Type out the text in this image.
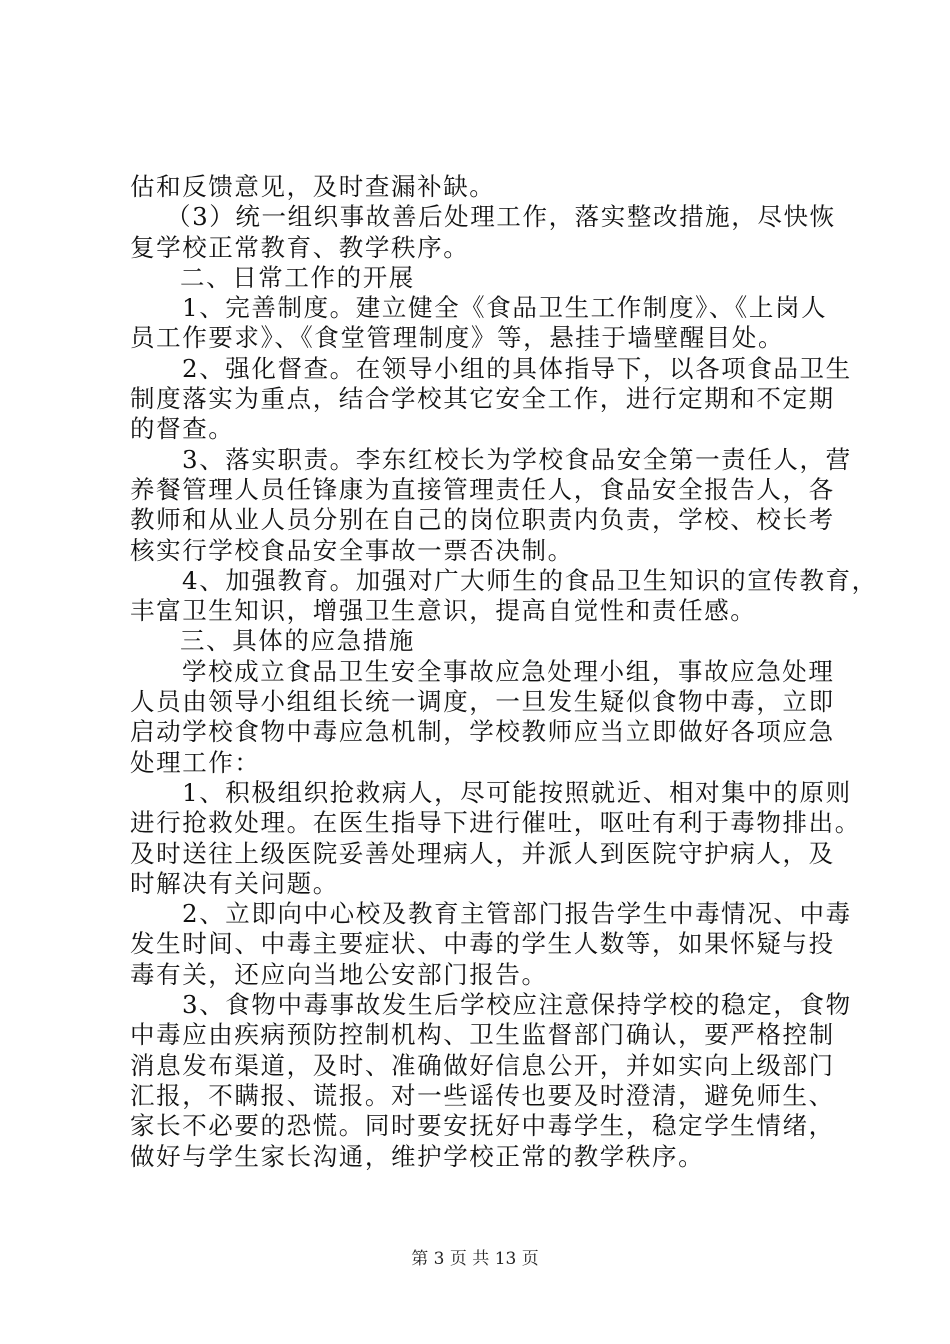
估和反馈意见，及时查漏补缺。
（3）统一组织事故善后处理工作，落实整改措施，尽快恢
复学校正常教育、教学秩序。
二、日常工作的开展
1、完善制度。建立健全《食品卫生工作制度》、《上岗人
员工作要求》、《食堂管理制度》等，悬挂于墙壁醒目处。
2、强化督查。在领导小组的具体指导下，以各项食品卫生
制度落实为重点，结合学校其它安全工作，进行定期和不定期
的督查。
3、落实职责。李东红校长为学校食品安全第一责任人，营
养餐管理人员任锋康为直接管理责任人，食品安全报告人，各
教师和从业人员分别在自己的岗位职责内负责，学校、校长考
核实行学校食品安全事故一票否决制。
4、加强教育。加强对广大师生的食品卫生知识的宣传教育，
丰富卫生知识，增强卫生意识，提高自觉性和责任感。
三、具体的应急措施
学校成立食品卫生安全事故应急处理小组，事故应急处理
人员由领导小组组长统一调度，一旦发生疑似食物中毒，立即
启动学校食物中毒应急机制，学校教师应当立即做好各项应急
处理工作：
1、积极组织抢救病人，尽可能按照就近、相对集中的原则
进行抢救处理。在医生指导下进行催吐，呕吐有利于毒物排出。
及时送往上级医院妥善处理病人，并派人到医院守护病人，及
时解决有关问题。
2、立即向中心校及教育主管部门报告学生中毒情况、中毒
发生时间、中毒主要症状、中毒的学生人数等，如果怀疑与投
毒有关，还应向当地公安部门报告。
3、食物中毒事故发生后学校应注意保持学校的稳定，食物
中毒应由疾病预防控制机构、卫生监督部门确认，要严格控制
消息发布渠道，及时、准确做好信息公开，并如实向上级部门
汇报，不瞒报、谎报。对一些谣传也要及时澄清，避免师生、
家长不必要的恐慌。同时要安抚好中毒学生，稳定学生情绪，
做好与学生家长沟通，维护学校正常的教学秩序。
第 3 页 共 13 页
